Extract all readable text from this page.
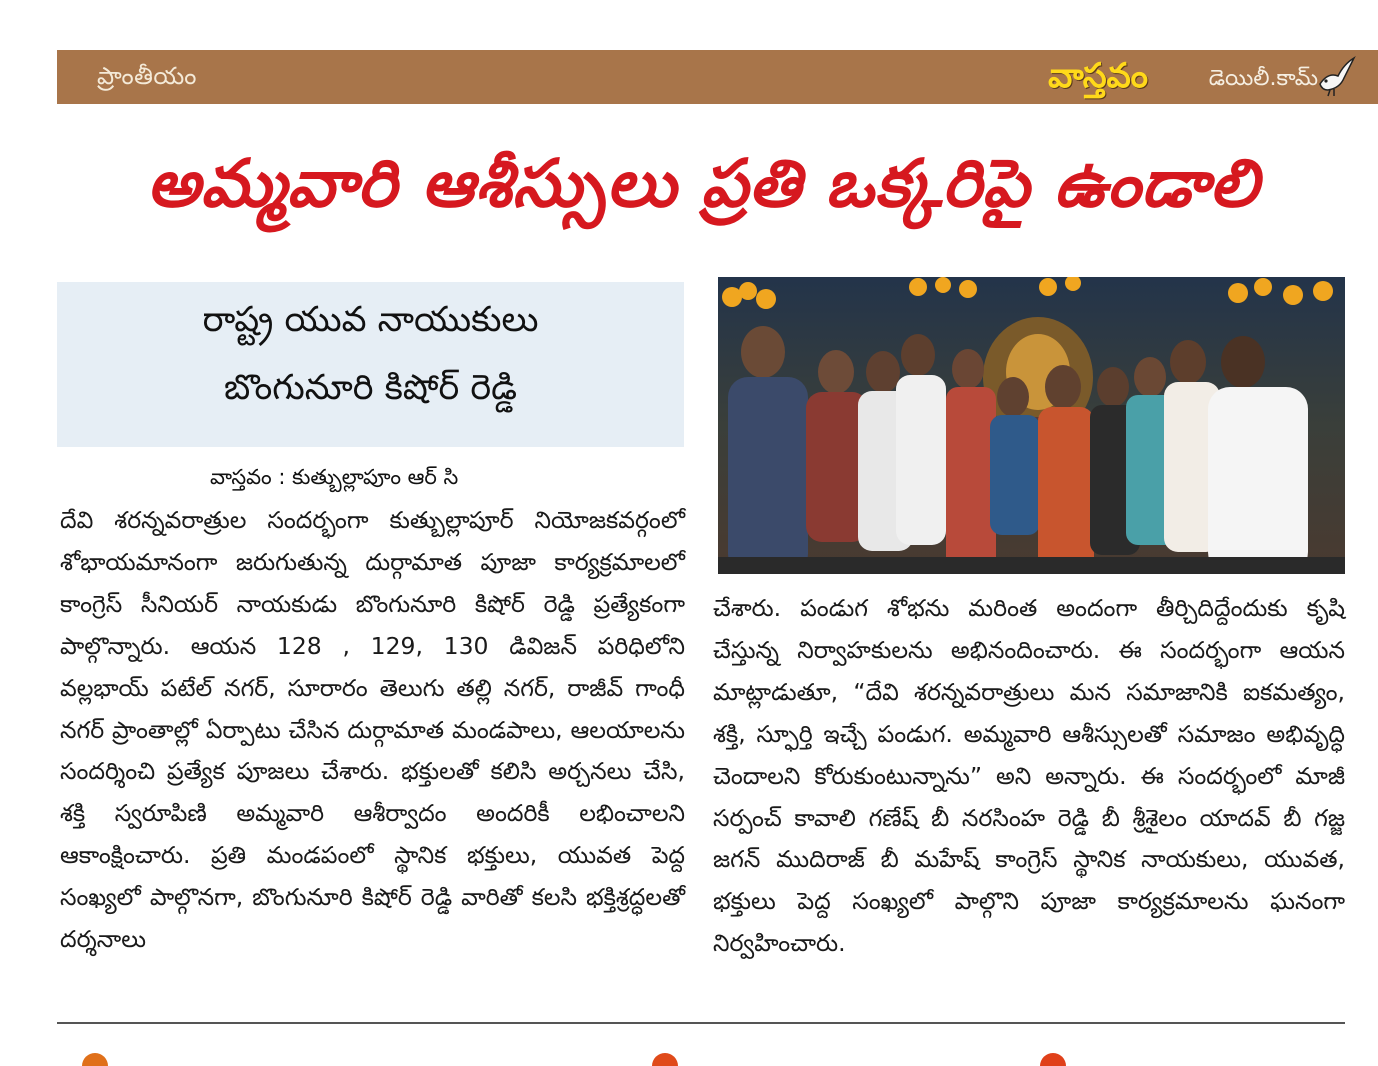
ప్రాంతీయం	వాస్తవం	డెయిలీ.కామ్
అమ్మవారి ఆశీస్సులు ప్రతి ఒక్కరిపై ఉండాలి
రాష్ట్ర యువ నాయుకులు
బొంగునూరి కిషోర్ రెడ్డి
వాస్తవం : కుత్బుల్లాపూం ఆర్ సి

దేవి శరన్నవరాత్రుల సందర్భంగా కుత్బుల్లాపూర్ నియోజకవర్గంలో శోభాయమానంగా జరుగుతున్న దుర్గామాత పూజా కార్యక్రమాలలో కాంగ్రెస్ సీనియర్ నాయకుడు బొంగునూరి కిషోర్ రెడ్డి ప్రత్యేకంగా పాల్గొన్నారు. ఆయన 128 , 129, 130 డివిజన్ పరిధిలోని వల్లభాయ్ పటేల్ నగర్, సూరారం తెలుగు తల్లి నగర్, రాజీవ్ గాంధీ నగర్ ప్రాంతాల్లో ఏర్పాటు చేసిన దుర్గామాత మండపాలు, ఆలయాలను సందర్శించి ప్రత్యేక పూజలు చేశారు. భక్తులతో కలిసి అర్చనలు చేసి, శక్తి స్వరూపిణి అమ్మవారి ఆశీర్వాదం అందరికీ లభించాలని ఆకాంక్షించారు. ప్రతి మండపంలో స్థానిక భక్తులు, యువత పెద్ద సంఖ్యలో పాల్గొనగా, బొంగునూరి కిషోర్ రెడ్డి వారితో కలసి భక్తిశ్రద్ధలతో దర్శనాలు

చేశారు. పండుగ శోభను మరింత అందంగా తీర్చిదిద్దేందుకు కృషి చేస్తున్న నిర్వాహకులను అభినందించారు. ఈ సందర్భంగా ఆయన మాట్లాడుతూ, “దేవి శరన్నవరాత్రులు మన సమాజానికి ఐకమత్యం, శక్తి, స్ఫూర్తి ఇచ్చే పండుగ. అమ్మవారి ఆశీస్సులతో సమాజం అభివృద్ధి చెందాలని కోరుకుంటున్నాను” అని అన్నారు. ఈ సందర్భంలో మాజీ సర్పంచ్ కావాలి గణేష్ బీ నరసింహ రెడ్డి బీ శ్రీశైలం యాదవ్ బీ గజ్జ జగన్ ముదిరాజ్ బీ మహేష్ కాంగ్రెస్ స్థానిక నాయకులు, యువత, భక్తులు పెద్ద సంఖ్యలో పాల్గొని పూజా కార్యక్రమాలను ఘనంగా నిర్వహించారు.
